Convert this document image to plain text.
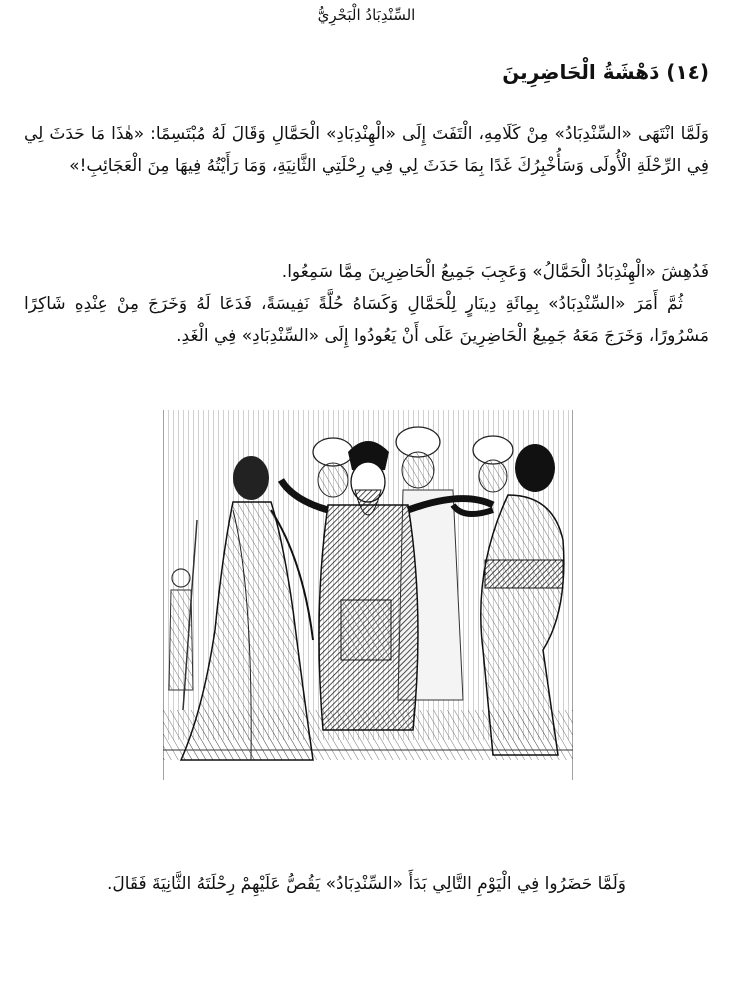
السِّنْدِبَادُ الْبَحْرِيُّ
(١٤) دَهْشَةُ الْحَاضِرِينَ

وَلَمَّا انْتَهَى «السِّنْدِبَادُ» مِنْ كَلَامِهِ، الْتَفَتَ إِلَى «الْهِنْدِبَادِ» الْحَمَّالِ وَقَالَ لَهُ مُبْتَسِمًا: «هٰذَا مَا حَدَثَ لِي فِي الرِّحْلَةِ الْأُولَى وَسَأُخْبِرُكَ غَدًا بِمَا حَدَثَ لِي فِي رِحْلَتِي الثَّانِيَةِ، وَمَا رَأَيْتُهُ فِيهَا مِنَ الْعَجَائِبِ!»

فَدُهِشَ «الْهِنْدِبَادُ الْحَمَّالُ» وَعَجِبَ جَمِيعُ الْحَاضِرِينَ مِمَّا سَمِعُوا.

ثُمَّ أَمَرَ «السِّنْدِبَادُ» بِمِائَةِ دِينَارٍ لِلْحَمَّالِ وَكَسَاهُ حُلَّةً نَفِيسَةً، فَدَعَا لَهُ وَخَرَجَ مِنْ عِنْدِهِ شَاكِرًا مَسْرُورًا، وَخَرَجَ مَعَهُ جَمِيعُ الْحَاضِرِينَ عَلَى أَنْ يَعُودُوا إِلَى «السِّنْدِبَادِ» فِي الْغَدِ.

وَلَمَّا حَضَرُوا فِي الْيَوْمِ التَّالِي بَدَأَ «السِّنْدِبَادُ» يَقُصُّ عَلَيْهِمْ رِحْلَتَهُ الثَّانِيَةَ فَقَالَ.
